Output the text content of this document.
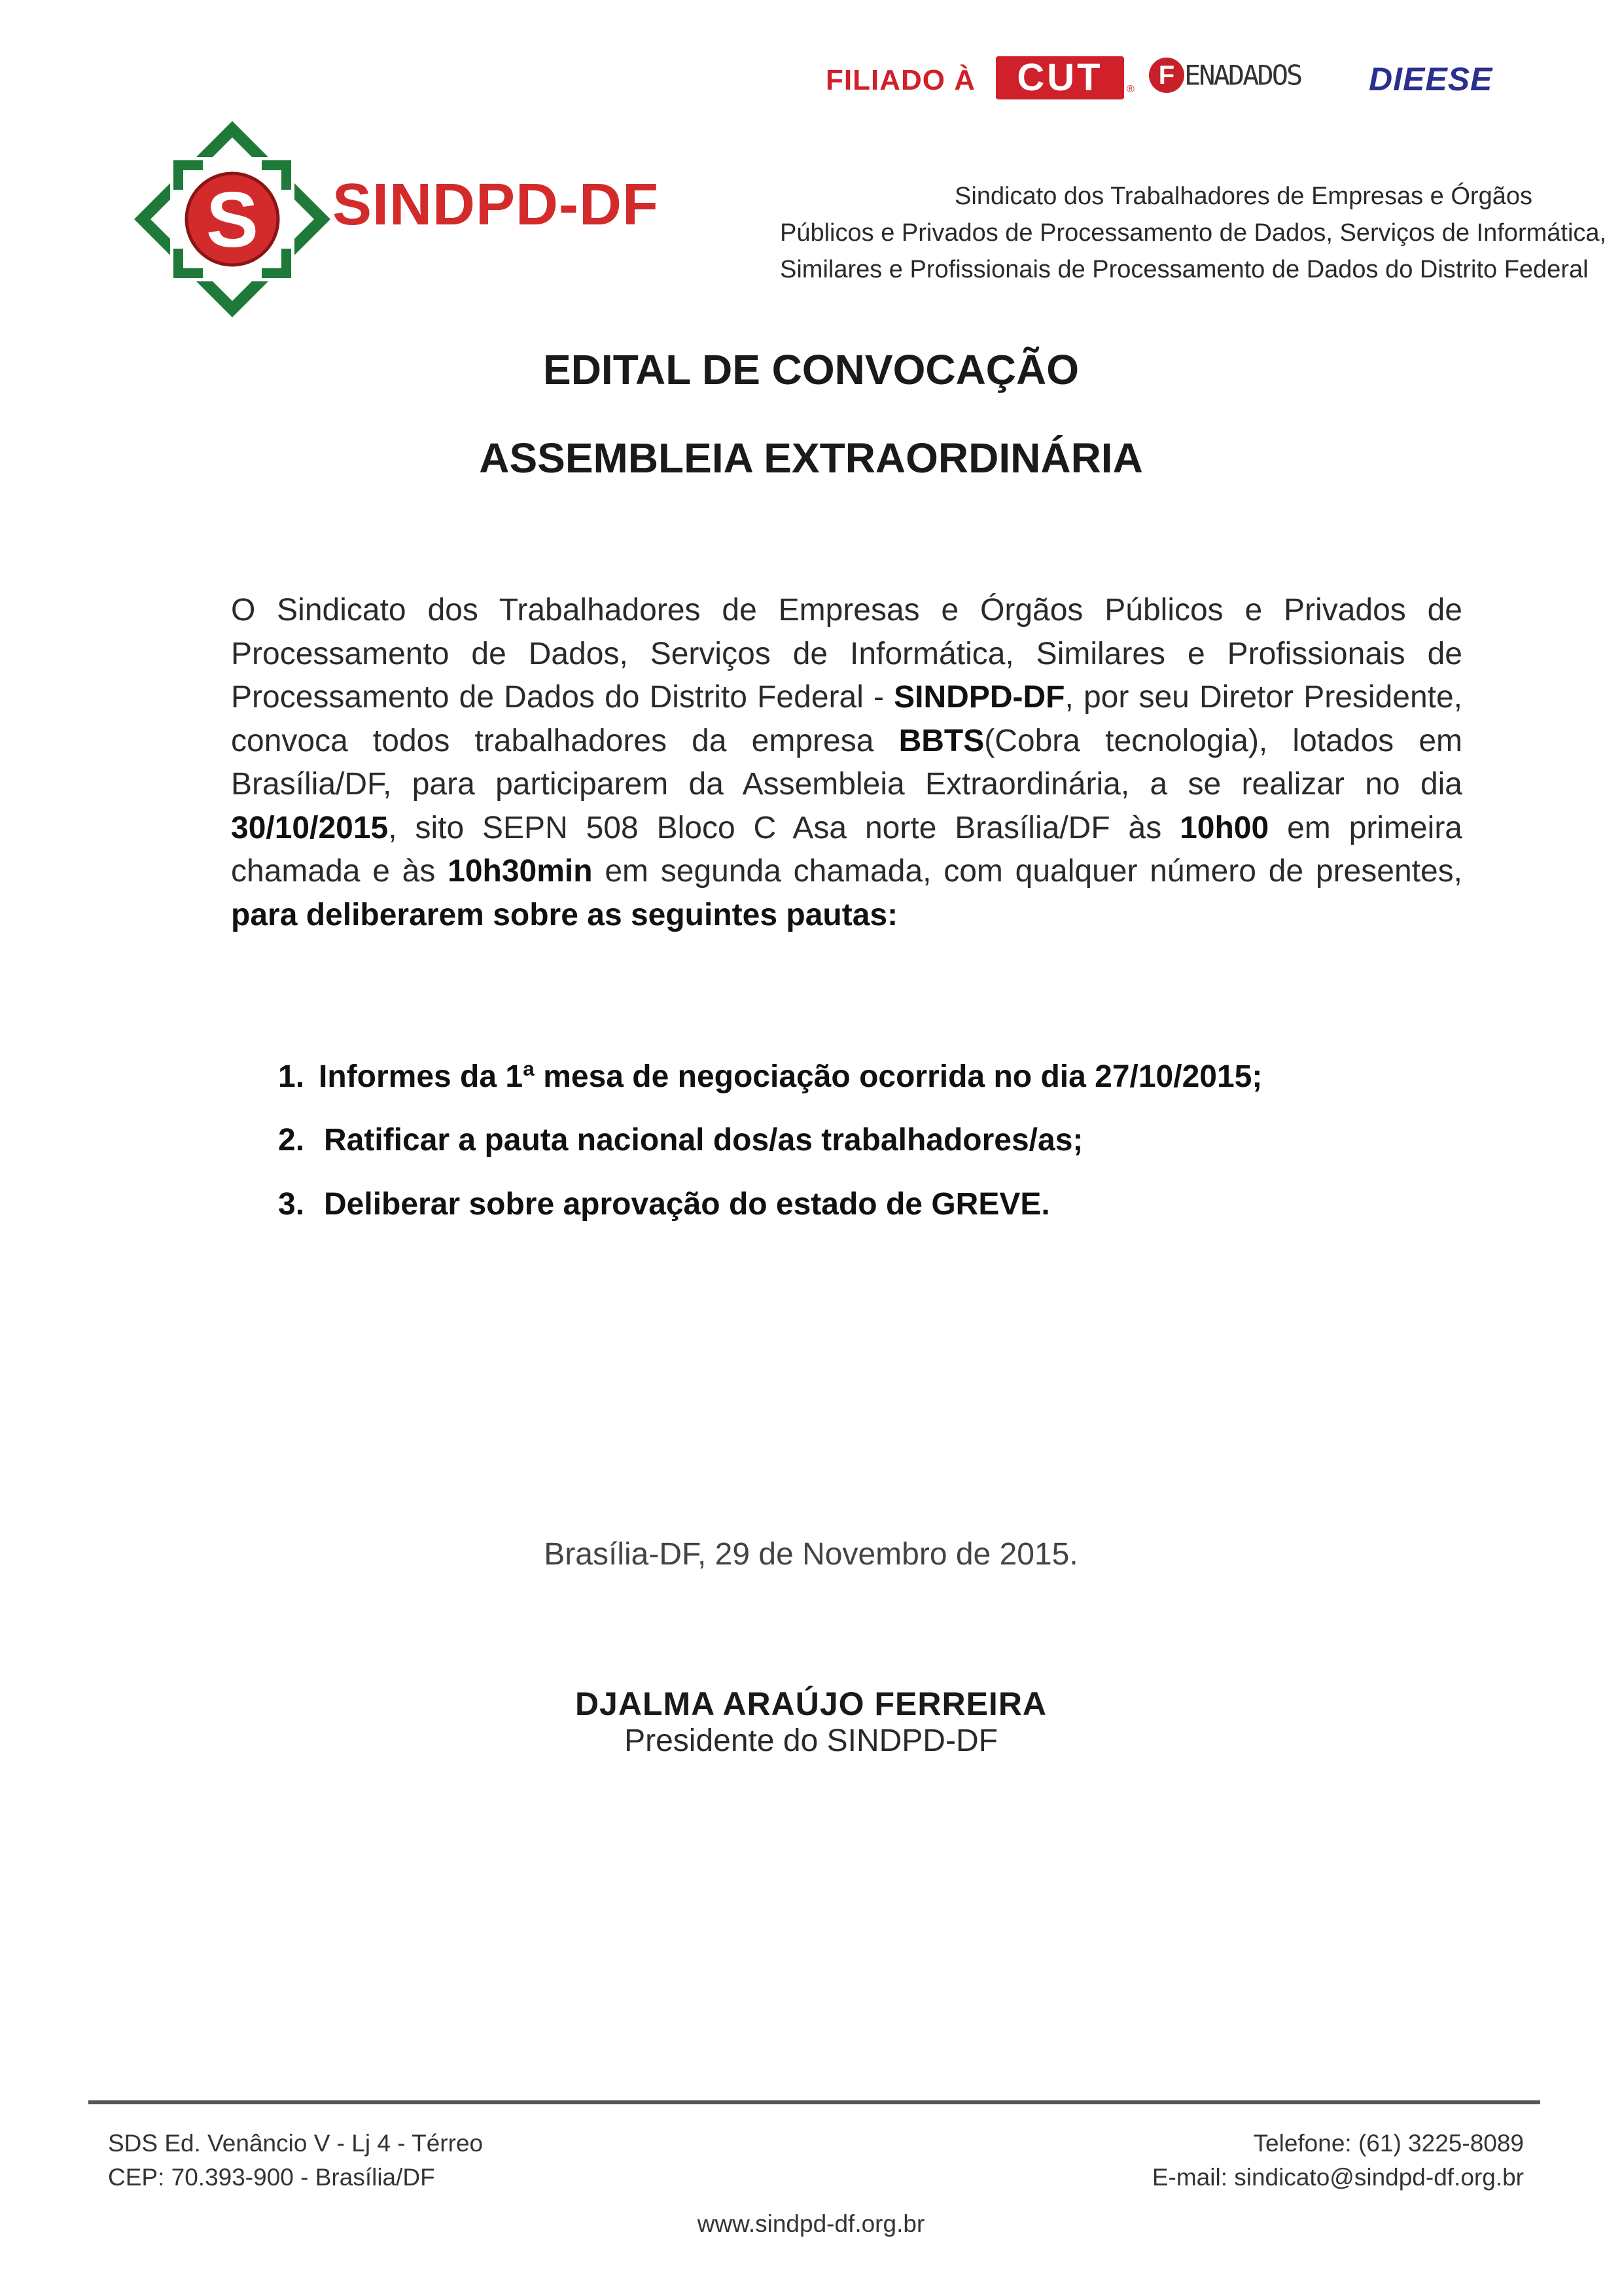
FILIADO À	CUT	® F ENADADOS DIEESE
S SINDPD-DF	Sindicato dos Trabalhadores de Empresas e Órgãos
Públicos e Privados de Processamento de Dados, Serviços de Informática,
Similares e Profissionais de Processamento de Dados do Distrito Federal
EDITAL DE CONVOCAÇÃO
ASSEMBLEIA EXTRAORDINÁRIA
O Sindicato dos Trabalhadores de Empresas e Órgãos Públicos e Privados de Processamento de Dados, Serviços de Informática, Similares e Profissionais de Processamento de Dados do Distrito Federal - SINDPD-DF, por seu Diretor Presidente, convoca todos trabalhadores da empresa BBTS(Cobra tecnologia), lotados em Brasília/DF, para participarem da Assembleia Extraordinária, a se realizar no dia 30/10/2015, sito SEPN 508 Bloco C Asa norte Brasília/DF às 10h00 em primeira chamada e às 10h30min em segunda chamada, com qualquer número de presentes, para deliberarem sobre as seguintes pautas:
1. Informes da 1ª mesa de negociação ocorrida no dia 27/10/2015;
2. Ratificar a pauta nacional dos/as trabalhadores/as;
3. Deliberar sobre aprovação do estado de GREVE.
Brasília-DF, 29 de Novembro de 2015.
DJALMA ARAÚJO FERREIRA
Presidente do SINDPD-DF
SDS Ed. Venâncio V - Lj 4 - Térreo
CEP: 70.393-900 - Brasília/DF
Telefone: (61) 3225-8089
E-mail: sindicato@sindpd-df.org.br
www.sindpd-df.org.br
